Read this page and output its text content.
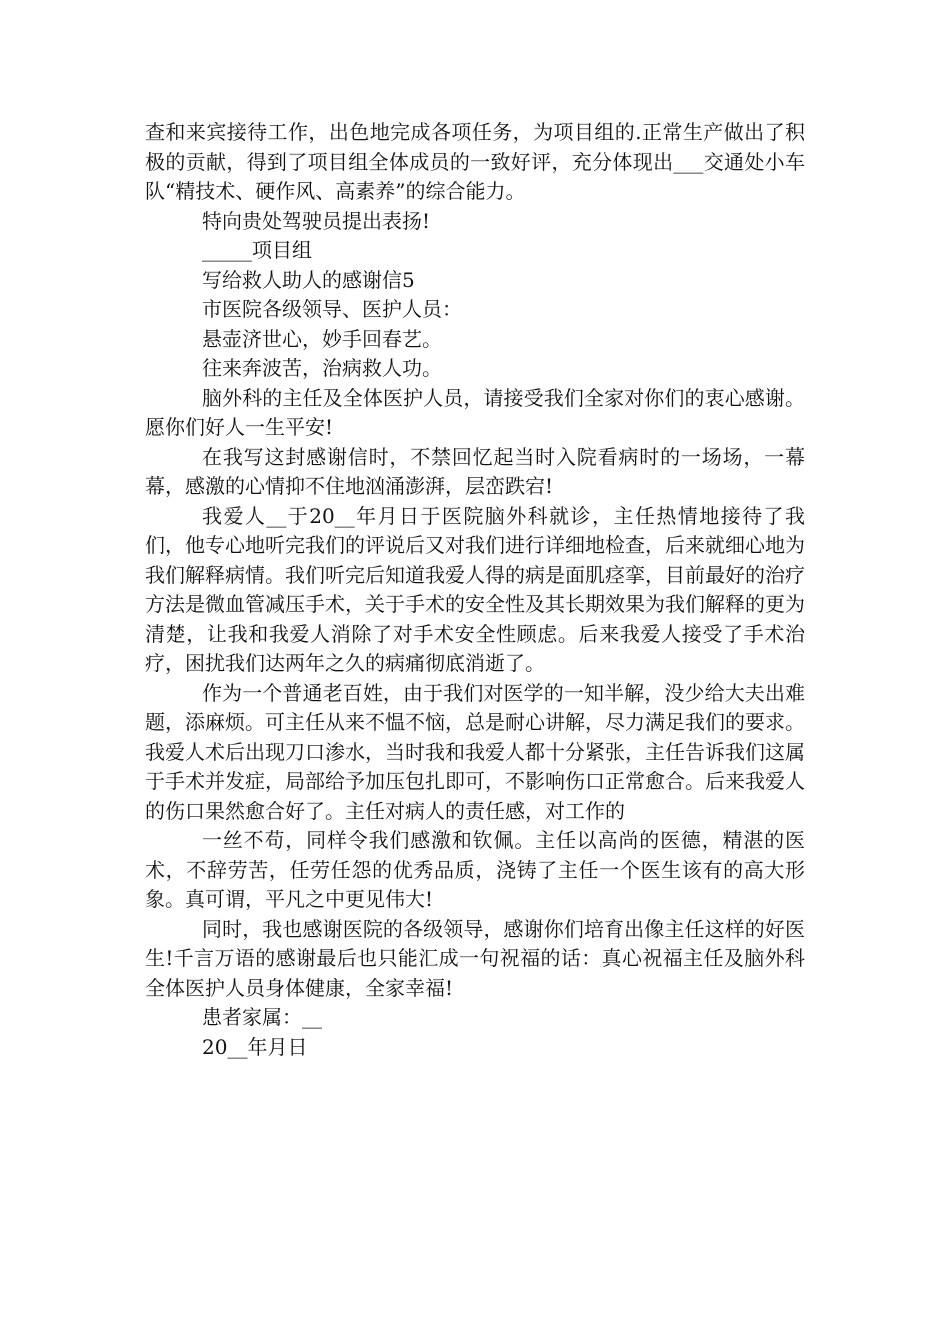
查和来宾接待工作，出色地完成各项任务，为项目组的.正常生产做出了积极的贡献，得到了项目组全体成员的一致好评，充分体现出___交通处小车队“精技术、硬作风、高素养”的综合能力。

特向贵处驾驶员提出表扬!

_____项目组

写给救人助人的感谢信5

市医院各级领导、医护人员：

悬壶济世心，妙手回春艺。

往来奔波苦，治病救人功。

脑外科的主任及全体医护人员，请接受我们全家对你们的衷心感谢。愿你们好人一生平安!

在我写这封感谢信时，不禁回忆起当时入院看病时的一场场，一幕幕，感激的心情抑不住地汹涌澎湃，层峦跌宕!

我爱人__于20__年月日于医院脑外科就诊，主任热情地接待了我们，他专心地听完我们的评说后又对我们进行详细地检查，后来就细心地为我们解释病情。我们听完后知道我爱人得的病是面肌痉挛，目前最好的治疗方法是微血管减压手术，关于手术的安全性及其长期效果为我们解释的更为清楚，让我和我爱人消除了对手术安全性顾虑。后来我爱人接受了手术治疗，困扰我们达两年之久的病痛彻底消逝了。

作为一个普通老百姓，由于我们对医学的一知半解，没少给大夫出难题，添麻烦。可主任从来不愠不恼，总是耐心讲解，尽力满足我们的要求。我爱人术后出现刀口渗水，当时我和我爱人都十分紧张，主任告诉我们这属于手术并发症，局部给予加压包扎即可，不影响伤口正常愈合。后来我爱人的伤口果然愈合好了。主任对病人的责任感，对工作的

一丝不苟，同样令我们感激和钦佩。主任以高尚的医德，精湛的医术，不辞劳苦，任劳任怨的优秀品质，浇铸了主任一个医生该有的高大形象。真可谓，平凡之中更见伟大!

同时，我也感谢医院的各级领导，感谢你们培育出像主任这样的好医生!千言万语的感谢最后也只能汇成一句祝福的话：真心祝福主任及脑外科全体医护人员身体健康，全家幸福!

患者家属：__

20__年月日
